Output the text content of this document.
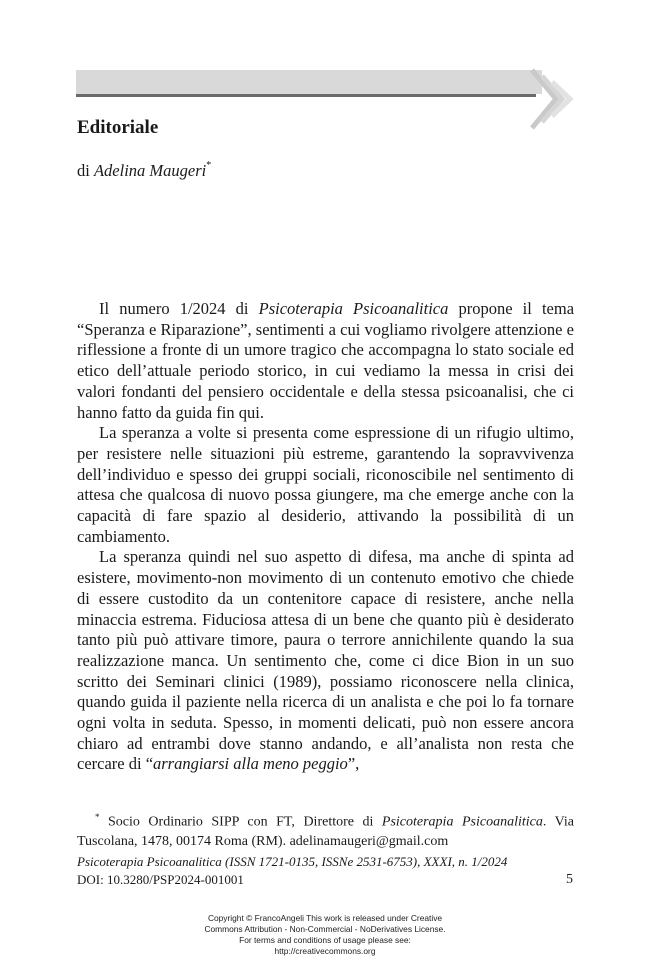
Editoriale
di Adelina Maugeri*

Il numero 1/2024 di Psicoterapia Psicoanalitica propone il tema “Speranza e Riparazione”, sentimenti a cui vogliamo rivolgere attenzione e riflessione a fronte di un umore tragico che accompagna lo stato sociale ed etico dell’attuale periodo storico, in cui vediamo la messa in crisi dei valori fondanti del pensiero occidentale e della stessa psicoanalisi, che ci hanno fatto da guida fin qui.

La speranza a volte si presenta come espressione di un rifugio ultimo, per resistere nelle situazioni più estreme, garantendo la sopravvivenza dell’individuo e spesso dei gruppi sociali, riconoscibile nel sentimento di attesa che qualcosa di nuovo possa giungere, ma che emerge anche con la capacità di fare spazio al desiderio, attivando la possibilità di un cambiamento.

La speranza quindi nel suo aspetto di difesa, ma anche di spinta ad esistere, movimento-non movimento di un contenuto emotivo che chiede di essere custodito da un contenitore capace di resistere, anche nella minaccia estrema. Fiduciosa attesa di un bene che quanto più è desiderato tanto più può attivare timore, paura o terrore annichilente quando la sua realizzazione manca. Un sentimento che, come ci dice Bion in un suo scritto dei Seminari clinici (1989), possiamo riconoscere nella clinica, quando guida il paziente nella ricerca di un analista e che poi lo fa tornare ogni volta in seduta. Spesso, in momenti delicati, può non essere ancora chiaro ad entrambi dove stanno andando, e all’analista non resta che cercare di “arrangiarsi alla meno peggio”,

* Socio Ordinario SIPP con FT, Direttore di Psicoterapia Psicoanalitica. Via Tuscolana, 1478, 00174 Roma (RM). adelinamaugeri@gmail.com

Psicoterapia Psicoanalitica (ISSN 1721-0135, ISSNe 2531-6753), XXXI, n. 1/2024
DOI: 10.3280/PSP2024-001001	5
Copyright © FrancoAngeli This work is released under Creative
Commons Attribution - Non-Commercial - NoDerivatives License.
For terms and conditions of usage please see:
http://creativecommons.org
